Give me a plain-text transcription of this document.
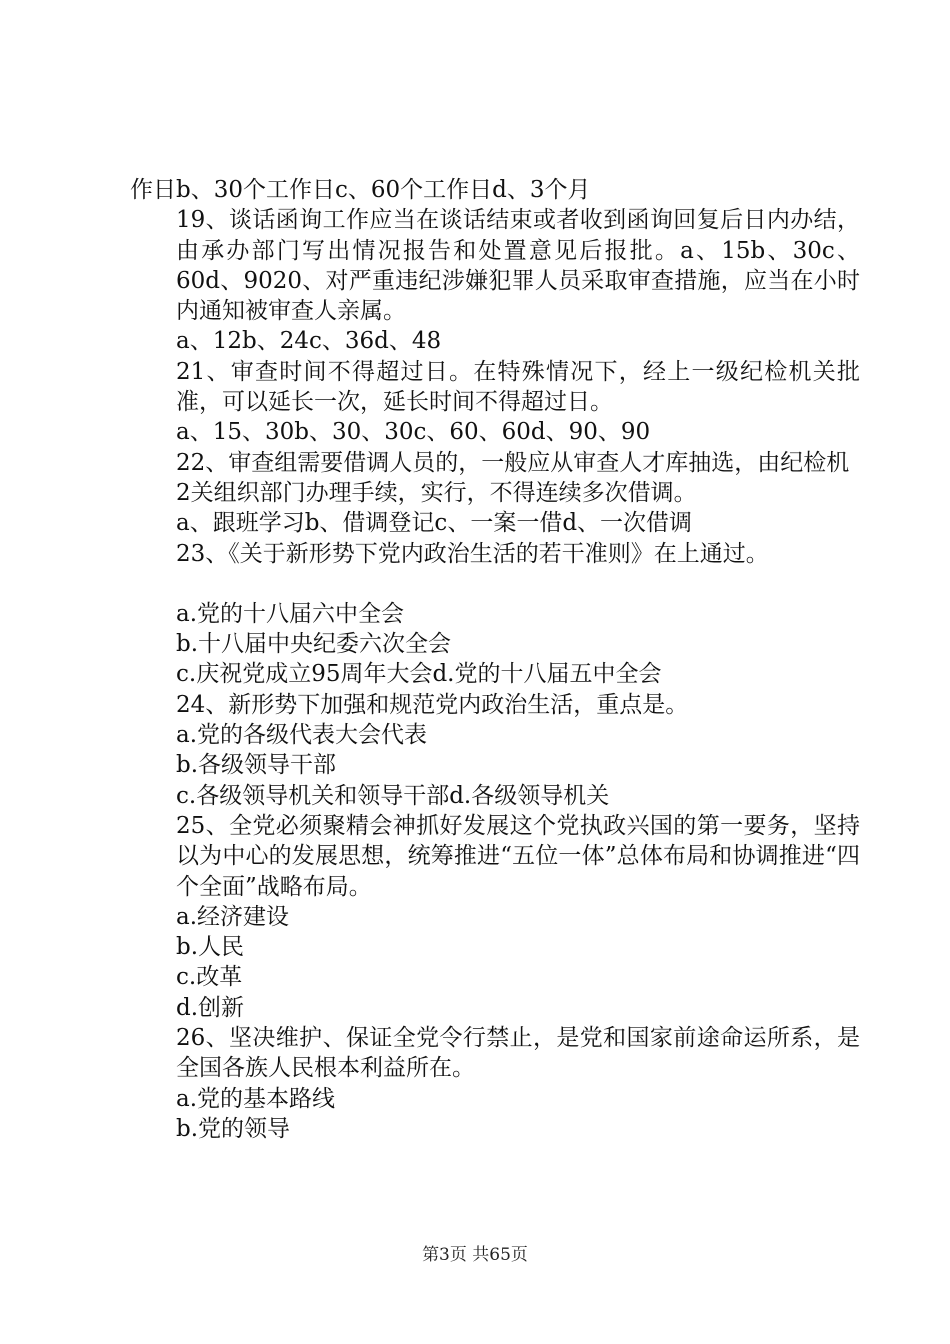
作日b、30个工作日c、60个工作日d、3个月

19、谈话函询工作应当在谈话结束或者收到函询回复后日内办结，由承办部门写出情况报告和处置意见后报批。a、15b、30c、60d、9020、对严重违纪涉嫌犯罪人员采取审查措施，应当在小时内通知被审查人亲属。

a、12b、24c、36d、48

21、审查时间不得超过日。在特殊情况下，经上一级纪检机关批准，可以延长一次，延长时间不得超过日。

a、15、30b、30、30c、60、60d、90、90

22、审查组需要借调人员的，一般应从审查人才库抽选，由纪检机

2关组织部门办理手续，实行，不得连续多次借调。

a、跟班学习b、借调登记c、一案一借d、一次借调

23、《关于新形势下党内政治生活的若干准则》在上通过。

a.党的十八届六中全会

b.十八届中央纪委六次全会

c.庆祝党成立95周年大会d.党的十八届五中全会

24、新形势下加强和规范党内政治生活，重点是。

a.党的各级代表大会代表

b.各级领导干部

c.各级领导机关和领导干部d.各级领导机关

25、全党必须聚精会神抓好发展这个党执政兴国的第一要务，坚持以为中心的发展思想，统筹推进“五位一体”总体布局和协调推进“四个全面”战略布局。

a.经济建设

b.人民

c.改革

d.创新

26、坚决维护、保证全党令行禁止，是党和国家前途命运所系，是全国各族人民根本利益所在。

a.党的基本路线

b.党的领导

第3页 共65页
